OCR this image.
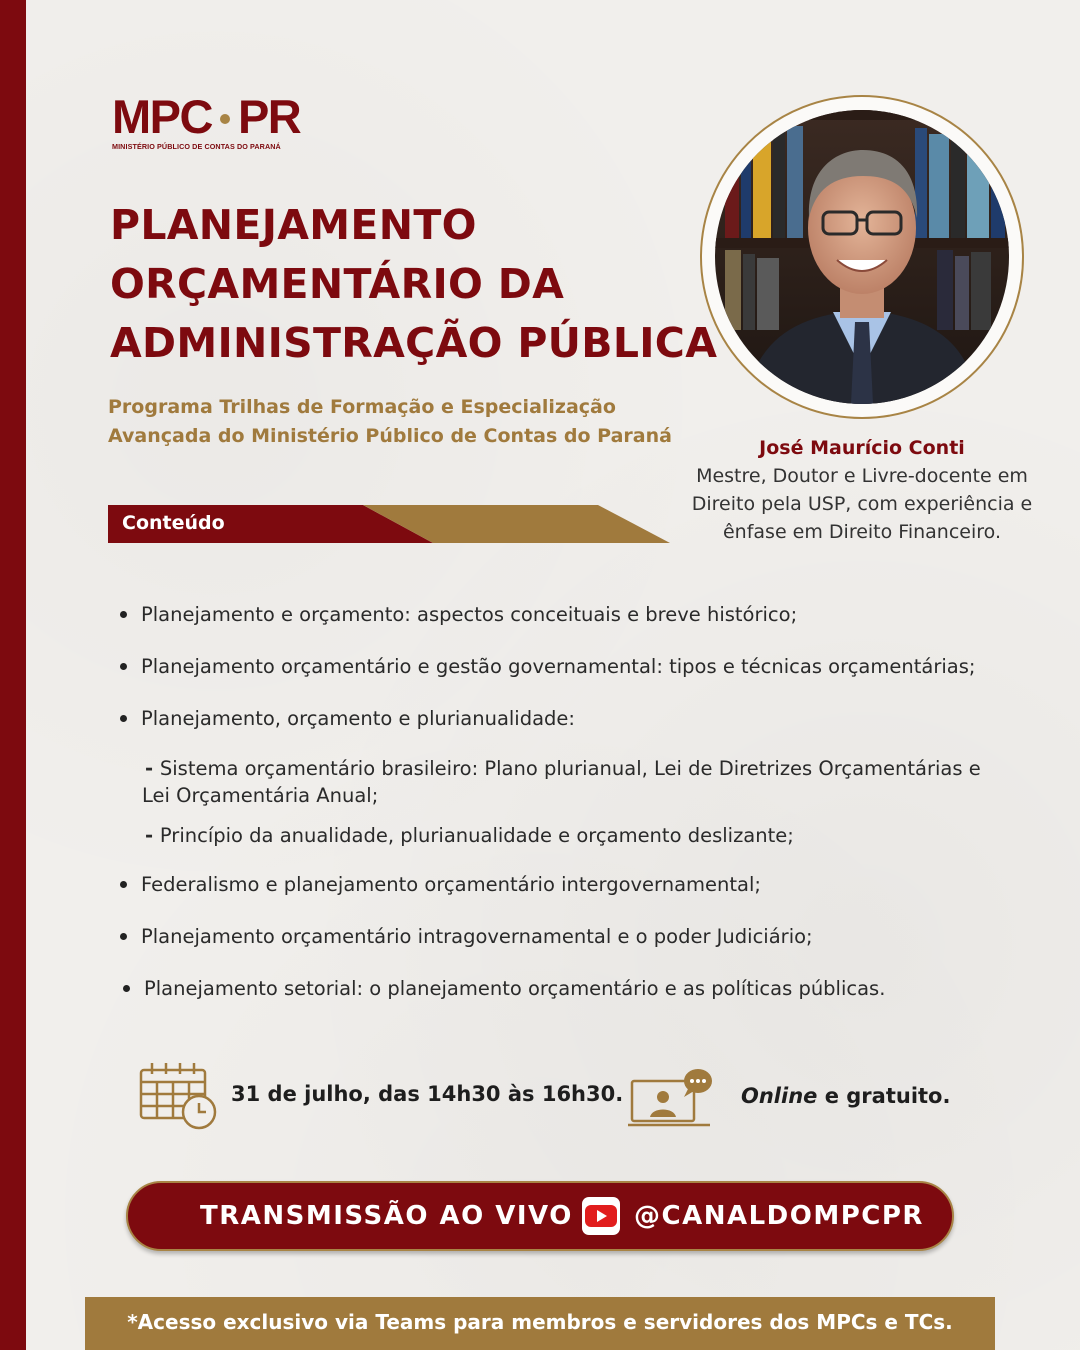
MPC PR
MINISTÉRIO PÚBLICO DE CONTAS DO PARANÁ
PLANEJAMENTO
ORÇAMENTÁRIO DA
ADMINISTRAÇÃO PÚBLICA
Programa Trilhas de Formação e Especialização
Avançada do Ministério Público de Contas do Paraná
José Maurício Conti
Mestre, Doutor e Livre-docente em
Direito pela USP, com experiência e
ênfase em Direito Financeiro.
Conteúdo
Planejamento e orçamento: aspectos conceituais e breve histórico;
Planejamento orçamentário e gestão governamental: tipos e técnicas orçamentárias;
Planejamento, orçamento e plurianualidade:
- Sistema orçamentário brasileiro: Plano plurianual, Lei de Diretrizes Orçamentárias e
Lei Orçamentária Anual;
- Princípio da anualidade, plurianualidade e orçamento deslizante;
Federalismo e planejamento orçamentário intergovernamental;
Planejamento orçamentário intragovernamental e o poder Judiciário;
Planejamento setorial: o planejamento orçamentário e as políticas públicas.
31 de julho, das 14h30 às 16h30.	Online e gratuito.
TRANSMISSÃO AO VIVO @CANALDOMPCPR
*Acesso exclusivo via Teams para membros e servidores dos MPCs e TCs.
